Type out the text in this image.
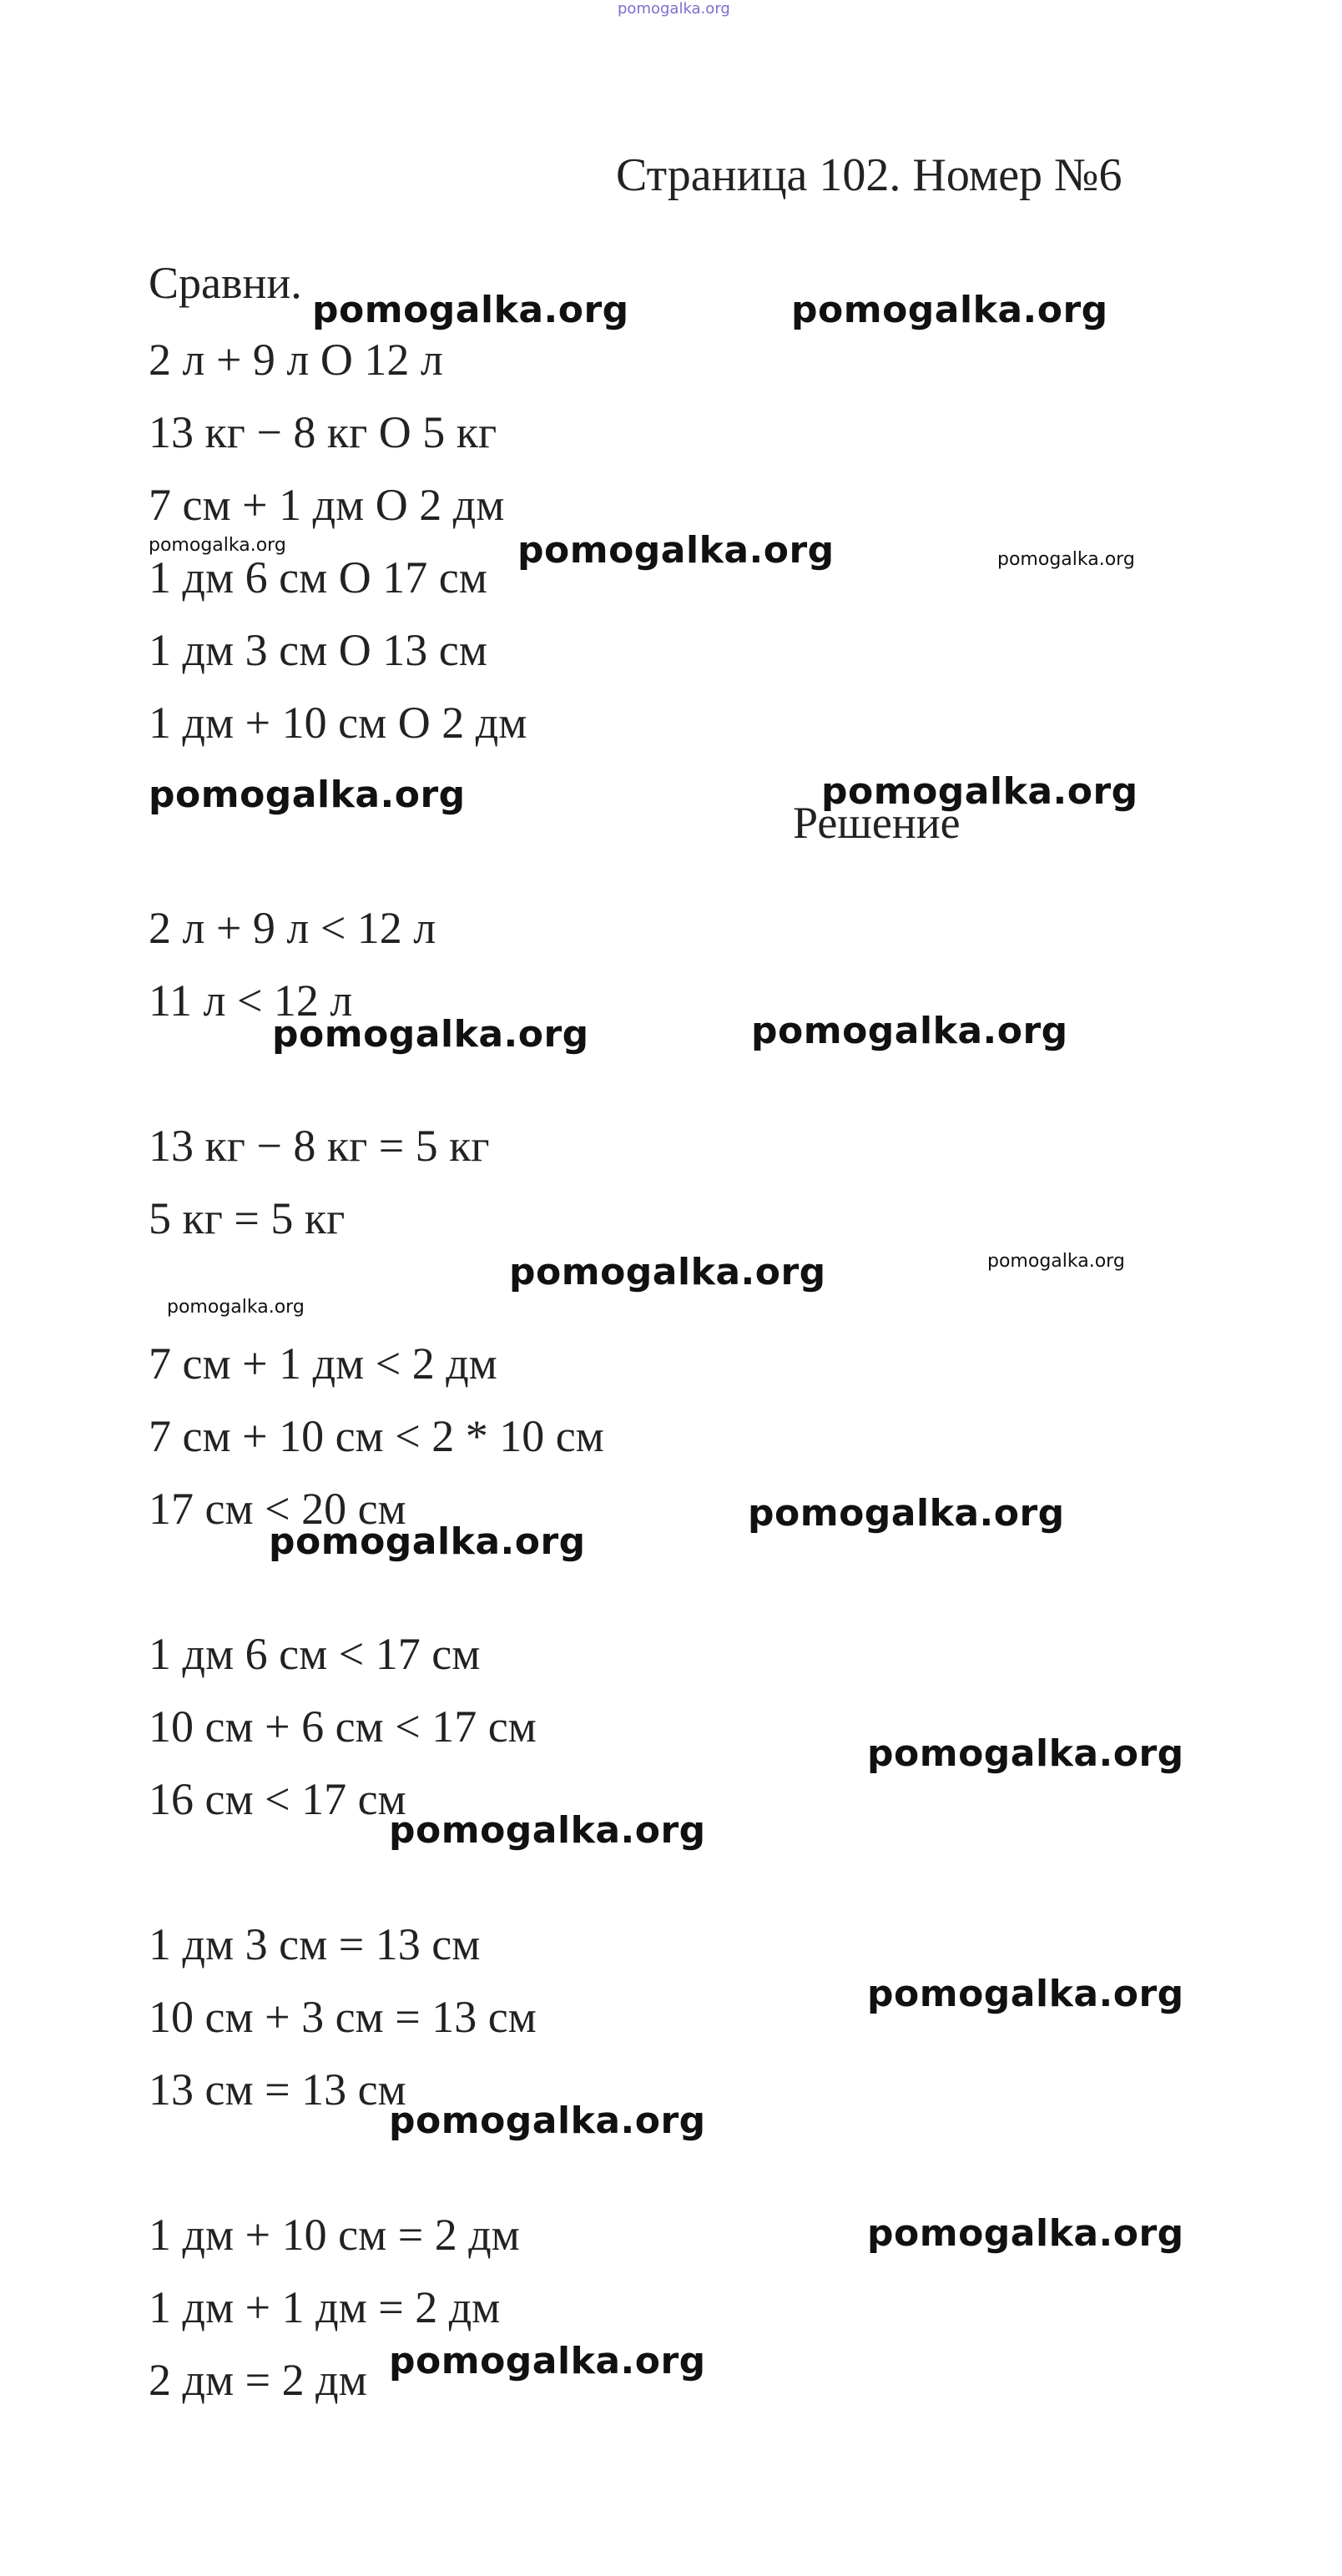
pomogalka.org
Страница 102. Номер №6
Сравни.
2 л + 9 л O 12 л
13 кг − 8 кг O 5 кг
7 см + 1 дм O 2 дм
1 дм 6 см O 17 см
1 дм 3 см O 13 см
1 дм + 10 см O 2 дм
Решение
2 л + 9 л < 12 л
11 л < 12 л
13 кг − 8 кг = 5 кг
5 кг = 5 кг
7 см + 1 дм < 2 дм
7 см + 10 см < 2 * 10 см
17 см < 20 см
1 дм 6 см < 17 см
10 см + 6 см < 17 см
16 см < 17 см
1 дм 3 см = 13 см
10 см + 3 см = 13 см
13 см = 13 см
1 дм + 10 см = 2 дм
1 дм + 1 дм = 2 дм
2 дм = 2 дм
pomogalka.org	pomogalka.org
pomogalka.org	pomogalka.org	pomogalka.org
pomogalka.org	pomogalka.org
pomogalka.org	pomogalka.org
pomogalka.org	pomogalka.org
pomogalka.org
pomogalka.org
pomogalka.org
pomogalka.org
pomogalka.org
pomogalka.org
pomogalka.org
pomogalka.org
pomogalka.org
